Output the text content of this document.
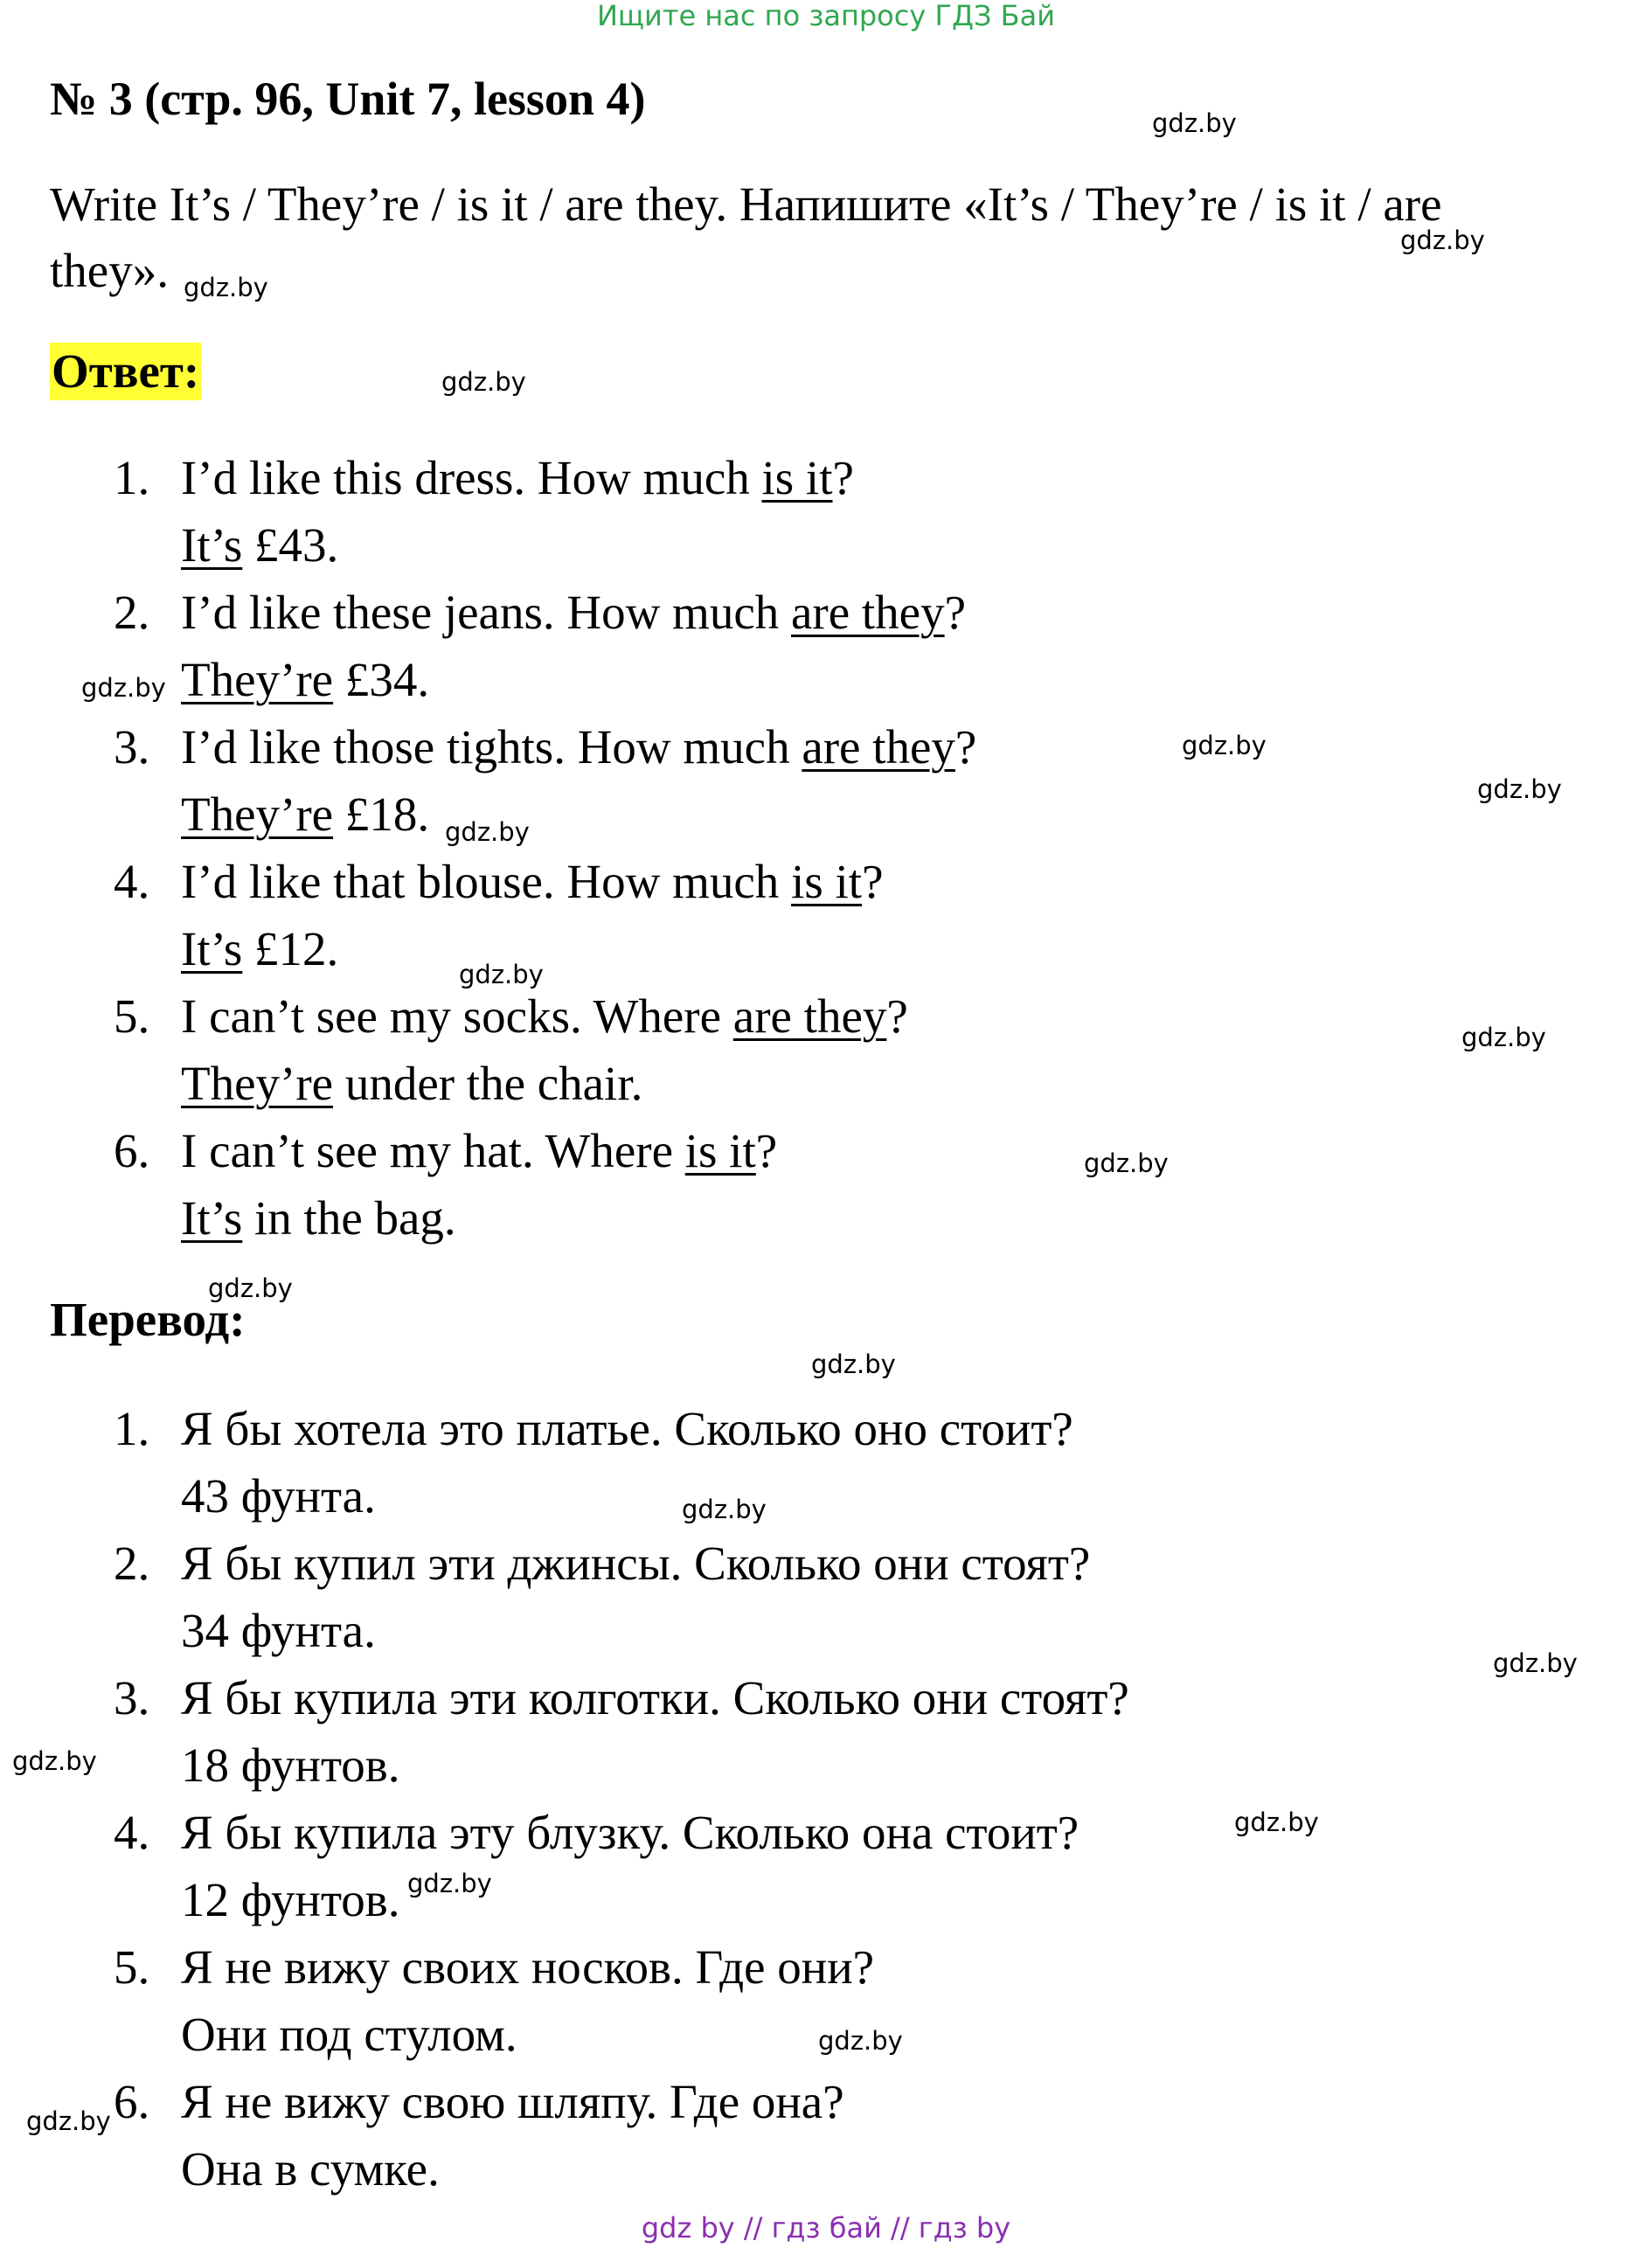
Ищите нас по запросу ГДЗ Бай
№ 3 (стр. 96, Unit 7, lesson 4)
Write It’s / They’re / is it / are they. Напишите «It’s / They’re / is it / are they».
Ответ:
1. I’d like this dress. How much is it?
It’s £43.
2. I’d like these jeans. How much are they?
They’re £34.
3. I’d like those tights. How much are they?
They’re £18.
4. I’d like that blouse. How much is it?
It’s £12.
5. I can’t see my socks. Where are they?
They’re under the chair.
6. I can’t see my hat. Where is it?
It’s in the bag.
Перевод:
1. Я бы хотела это платье. Сколько оно стоит?
43 фунта.
2. Я бы купил эти джинсы. Сколько они стоят?
34 фунта.
3. Я бы купила эти колготки. Сколько они стоят?
18 фунтов.
4. Я бы купила эту блузку. Сколько она стоит?
12 фунтов.
5. Я не вижу своих носков. Где они?
Они под стулом.
6. Я не вижу свою шляпу. Где она?
Она в сумке.
gdz.by
gdz.by
gdz.by
gdz.by
gdz.by
gdz.by
gdz.by
gdz.by
gdz.by
gdz.by
gdz.by
gdz.by
gdz.by
gdz.by
gdz.by
gdz.by
gdz.by
gdz.by
gdz.by
gdz.by
gdz by // гдз бай // гдз by
